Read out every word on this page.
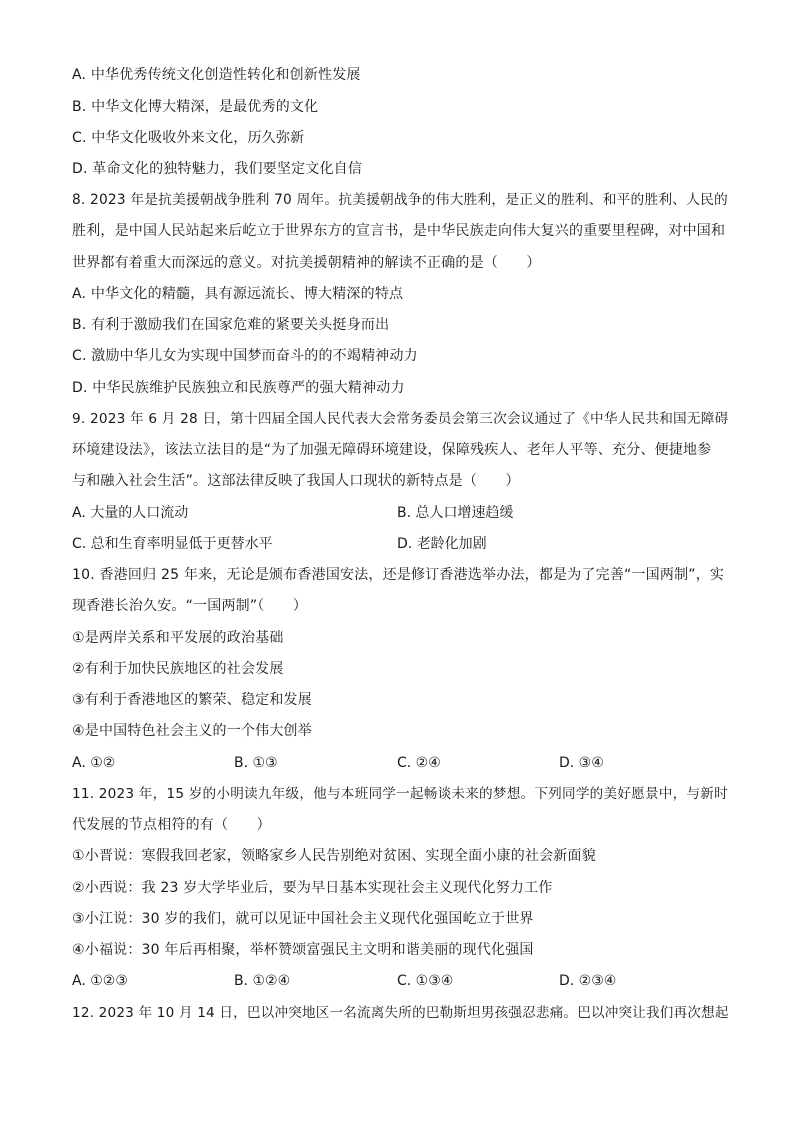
A. 中华优秀传统文化创造性转化和创新性发展
B. 中华文化博大精深，是最优秀的文化
C. 中华文化吸收外来文化，历久弥新
D. 革命文化的独特魅力，我们要坚定文化自信
8. 2023 年是抗美援朝战争胜利 70 周年。抗美援朝战争的伟大胜利，是正义的胜利、和平的胜利、人民的
胜利，是中国人民站起来后屹立于世界东方的宣言书，是中华民族走向伟大复兴的重要里程碑，对中国和
世界都有着重大而深远的意义。对抗美援朝精神的解读不正确的是（　　）
A. 中华文化的精髓，具有源远流长、博大精深的特点
B. 有利于激励我们在国家危难的紧要关头挺身而出
C. 激励中华儿女为实现中国梦而奋斗的的不竭精神动力
D. 中华民族维护民族独立和民族尊严的强大精神动力
9. 2023 年 6 月 28 日，第十四届全国人民代表大会常务委员会第三次会议通过了《中华人民共和国无障碍
环境建设法》，该法立法目的是“为了加强无障碍环境建设，保障残疾人、老年人平等、充分、便捷地参
与和融入社会生活”。这部法律反映了我国人口现状的新特点是（　　）
A. 大量的人口流动	B. 总人口增速趋缓
C. 总和生育率明显低于更替水平	D. 老龄化加剧
10. 香港回归 25 年来，无论是颁布香港国安法，还是修订香港选举办法，都是为了完善“一国两制”，实
现香港长治久安。“一国两制”（　　）
①是两岸关系和平发展的政治基础
②有利于加快民族地区的社会发展
③有利于香港地区的繁荣、稳定和发展
④是中国特色社会主义的一个伟大创举
A. ①②	B. ①③	C. ②④	D. ③④
11. 2023 年，15 岁的小明读九年级，他与本班同学一起畅谈未来的梦想。下列同学的美好愿景中，与新时
代发展的节点相符的有（　　）
①小晋说：寒假我回老家，领略家乡人民告别绝对贫困、实现全面小康的社会新面貌
②小西说：我 23 岁大学毕业后，要为早日基本实现社会主义现代化努力工作
③小江说：30 岁的我们，就可以见证中国社会主义现代化强国屹立于世界
④小福说：30 年后再相聚，举杯赞颂富强民主文明和谐美丽的现代化强国
A. ①②③	B. ①②④	C. ①③④	D. ②③④
12. 2023 年 10 月 14 日，巴以冲突地区一名流离失所的巴勒斯坦男孩强忍悲痛。巴以冲突让我们再次想起
